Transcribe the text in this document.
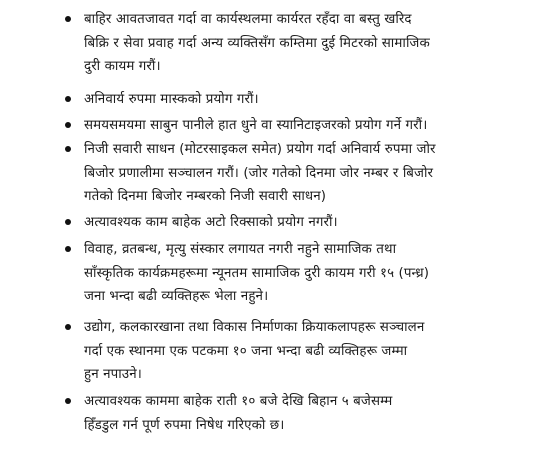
बाहिर आवतजावत गर्दा वा कार्यस्थलमा कार्यरत रहँदा वा बस्तु खरिद
बिक्रि र सेवा प्रवाह गर्दा अन्य व्यक्तिसँग कम्तिमा दुई मिटरको सामाजिक
दुरी कायम गरौं।
अनिवार्य रुपमा मास्कको प्रयोग गरौं।
समयसमयमा साबुन पानीले हात धुने वा स्यानिटाइजरको प्रयोग गर्ने गरौं।
निजी सवारी साधन (मोटरसाइकल समेत) प्रयोग गर्दा अनिवार्य रुपमा जोर
बिजोर प्रणालीमा सञ्चालन गरौं। (जोर गतेको दिनमा जोर नम्बर र बिजोर
गतेको दिनमा बिजोर नम्बरको निजी सवारी साधन)
अत्यावश्यक काम बाहेक अटो रिक्साको प्रयोग नगरौं।
विवाह, व्रतबन्ध, मृत्यु संस्कार लगायत नगरी नहुने सामाजिक तथा
साँस्कृतिक कार्यक्रमहरूमा न्यूनतम सामाजिक दुरी कायम गरी १५ (पन्ध्र)
जना भन्दा बढी व्यक्तिहरू भेला नहुने।
उद्योग, कलकारखाना तथा विकास निर्माणका क्रियाकलापहरू सञ्चालन
गर्दा एक स्थानमा एक पटकमा १० जना भन्दा बढी व्यक्तिहरू जम्मा
हुन नपाउने।
अत्यावश्यक काममा बाहेक राती १० बजे देखि बिहान ५ बजेसम्म
हिँडडुल गर्न पूर्ण रुपमा निषेध गरिएको छ।
